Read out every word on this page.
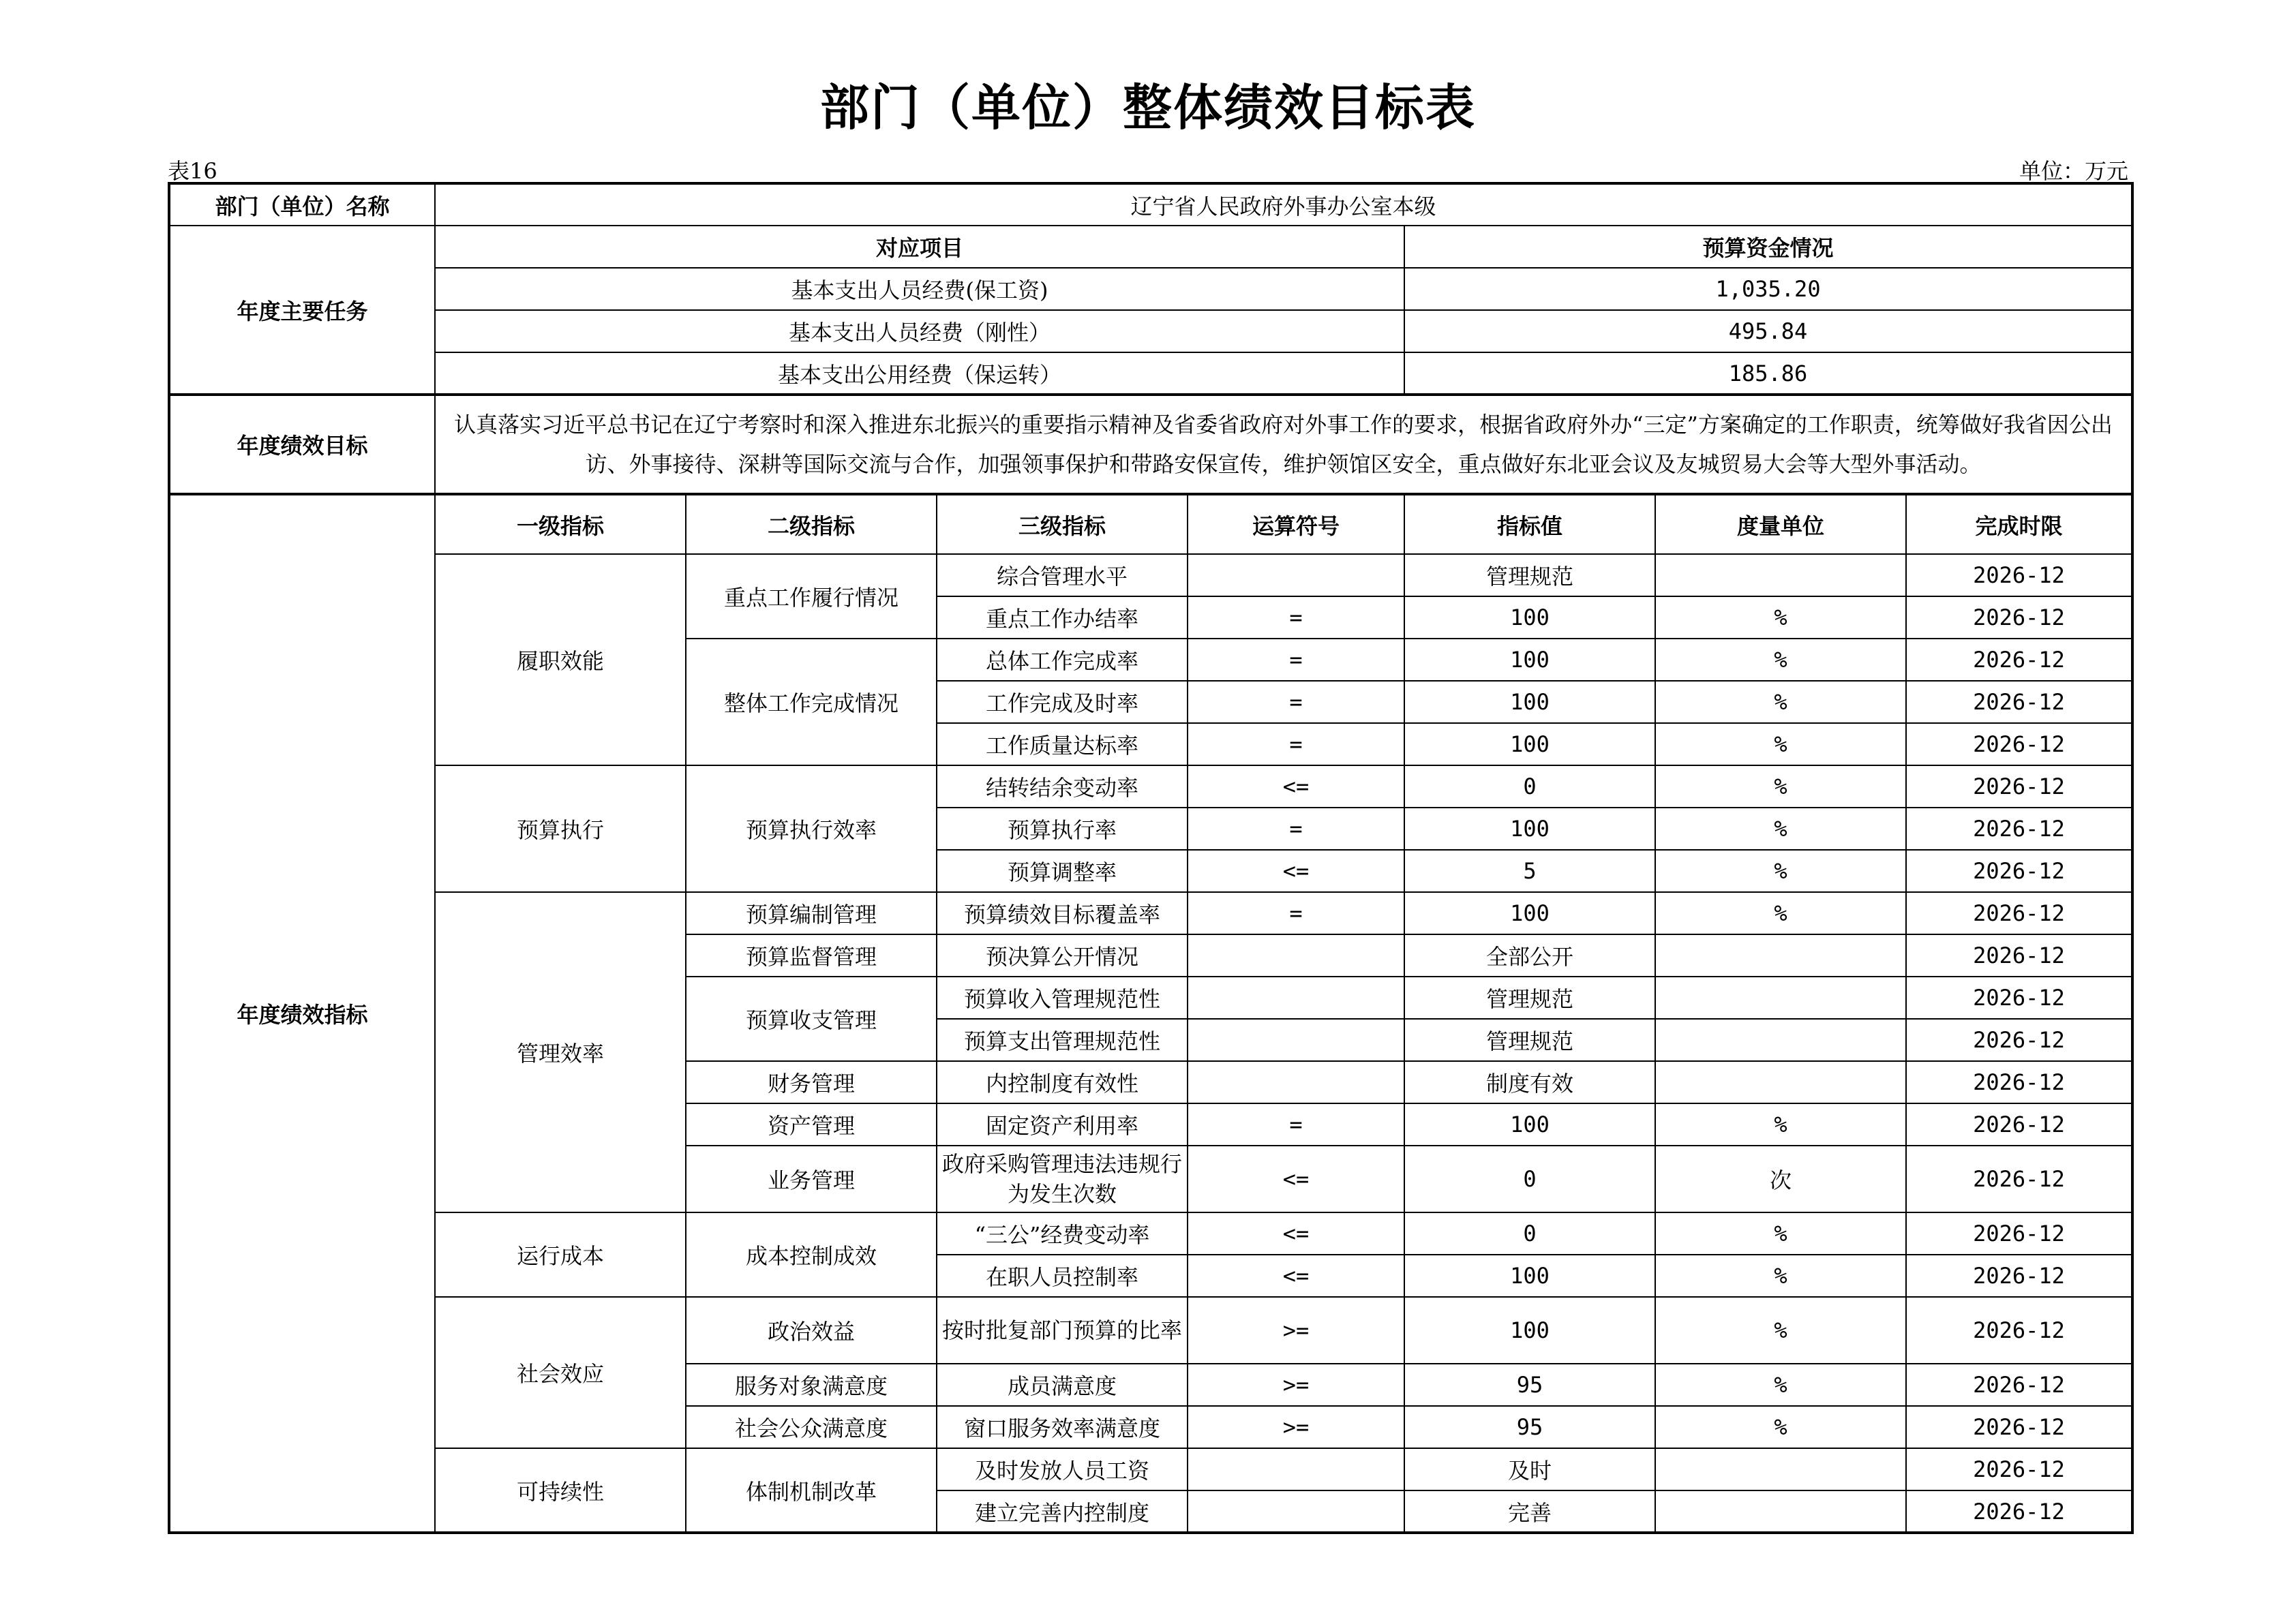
部门（单位）整体绩效目标表
表16	单位：万元
部门（单位）名称	辽宁省人民政府外事办公室本级						
年度主要任务	对应项目				预算资金情况		
	基本支出人员经费(保工资)				1,035.20		
	基本支出人员经费（刚性）				495.84		
	基本支出公用经费（保运转）				185.86		
年度绩效目标	认真落实习近平总书记在辽宁考察时和深入推进东北振兴的重要指示精神及省委省政府对外事工作的要求，根据省政府外办“三定”方案确定的工作职责，统筹做好我省因公出访、外事接待、深耕等国际交流与合作，加强领事保护和带路安保宣传，维护领馆区安全，重点做好东北亚会议及友城贸易大会等大型外事活动。						
年度绩效指标	一级指标	二级指标	三级指标	运算符号	指标值	度量单位	完成时限
	履职效能	重点工作履行情况	综合管理水平		管理规范		2026-12
			重点工作办结率	=	100	%	2026-12
		整体工作完成情况	总体工作完成率	=	100	%	2026-12
			工作完成及时率	=	100	%	2026-12
			工作质量达标率	=	100	%	2026-12
	预算执行	预算执行效率	结转结余变动率	<=	0	%	2026-12
			预算执行率	=	100	%	2026-12
			预算调整率	<=	5	%	2026-12
	管理效率	预算编制管理	预算绩效目标覆盖率	=	100	%	2026-12
		预算监督管理	预决算公开情况		全部公开		2026-12
		预算收支管理	预算收入管理规范性		管理规范		2026-12
			预算支出管理规范性		管理规范		2026-12
		财务管理	内控制度有效性		制度有效		2026-12
		资产管理	固定资产利用率	=	100	%	2026-12
		业务管理	政府采购管理违法违规行为发生次数	<=	0	次	2026-12
	运行成本	成本控制成效	“三公”经费变动率	<=	0	%	2026-12
			在职人员控制率	<=	100	%	2026-12
	社会效应	政治效益	按时批复部门预算的比率	>=	100	%	2026-12
		服务对象满意度	成员满意度	>=	95	%	2026-12
		社会公众满意度	窗口服务效率满意度	>=	95	%	2026-12
	可持续性	体制机制改革	及时发放人员工资		及时		2026-12
			建立完善内控制度		完善		2026-12
